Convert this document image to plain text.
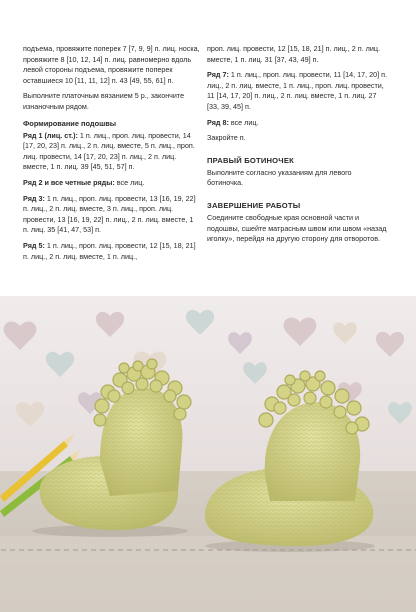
подъема, провяжите поперек 7 [7, 9, 9] п. лиц. носка, провяжите 8 [10, 12, 14] п. лиц. равномерно вдоль левой стороны подъема, провяжите поперек оставшиеся 10 [11, 11, 12] п. 43 [49, 55, 61] п.

Выполните платочным вязанием 5 р., закончите изнаночным рядом.

Формирование подошвы

Ряд 1 (лиц. ст.): 1 п. лиц., проп. лиц. провести, 14 [17, 20, 23] п. лиц., 2 п. лиц. вместе, 5 п. лиц., проп. лиц. провести, 14 [17, 20, 23] п. лиц., 2 п. лиц. вместе, 1 п. лиц. 39 [45, 51, 57] п.

Ряд 2 и все четные ряды: все лиц.

Ряд 3: 1 п. лиц., проп. лиц. провести, 13 [16, 19, 22] п. лиц., 2 п. лиц. вместе, 3 п. лиц., проп. лиц. провести, 13 [16, 19, 22] п. лиц., 2 п. лиц. вместе, 1 п. лиц. 35 [41, 47, 53] п.

Ряд 5: 1 п. лиц., проп. лиц. провести, 12 [15, 18, 21] п. лиц., 2 п. лиц. вместе, 1 п. лиц.,

проп. лиц. провести, 12 [15, 18, 21] п. лиц., 2 п. лиц. вместе, 1 п. лиц. 31 [37, 43, 49] п.

Ряд 7: 1 п. лиц., проп. лиц. провести, 11 [14, 17, 20] п. лиц., 2 п. лиц. вместе, 1 п. лиц., проп. лиц. провести, 11 [14, 17, 20] п. лиц., 2 п. лиц. вместе, 1 п. лиц. 27 [33, 39, 45] п.

Ряд 8: все лиц.

Закройте п.

ПРАВЫЙ БОТИНОЧЕК

Выполните согласно указаниям для левого ботиночка.

ЗАВЕРШЕНИЕ РАБОТЫ

Соедините свободные края основной части и подошвы, сшейте матрасным швом или швом «назад иголку», перейдя на другую сторону для отворотов.
